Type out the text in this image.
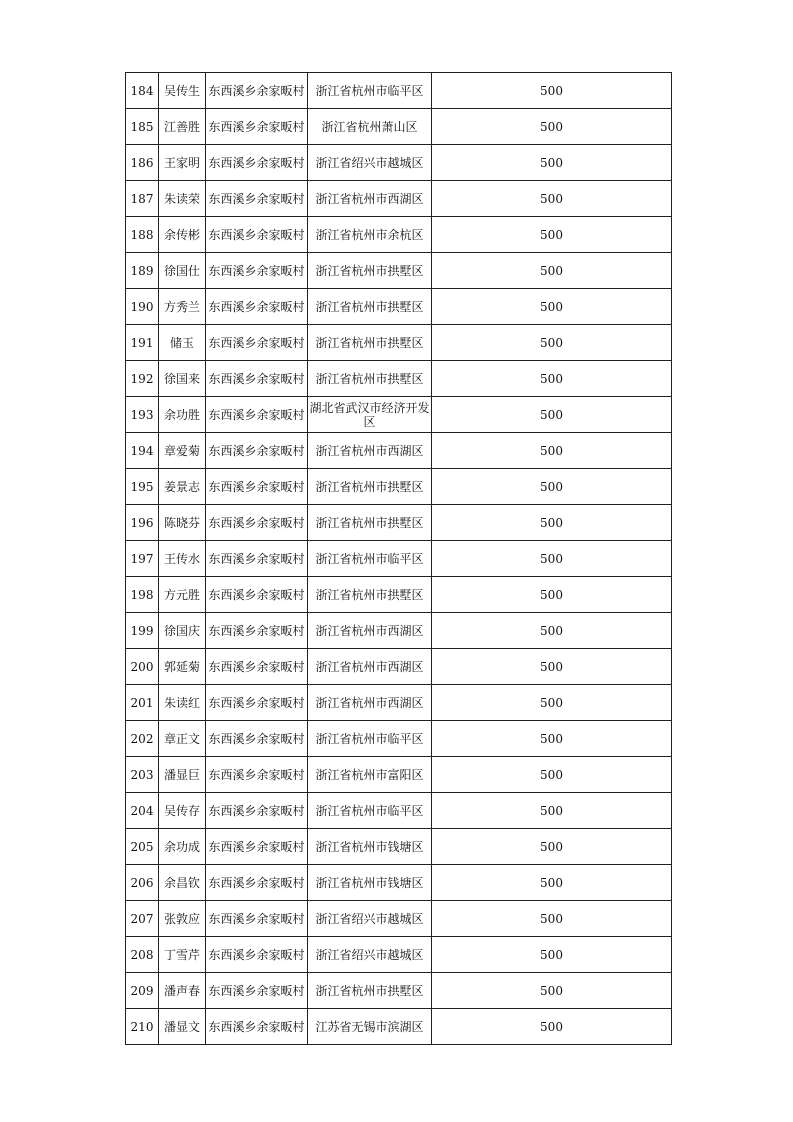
184	吴传生	东西溪乡余家畈村	浙江省杭州市临平区	500
185	江善胜	东西溪乡余家畈村	浙江省杭州萧山区	500
186	王家明	东西溪乡余家畈村	浙江省绍兴市越城区	500
187	朱读荣	东西溪乡余家畈村	浙江省杭州市西湖区	500
188	余传彬	东西溪乡余家畈村	浙江省杭州市余杭区	500
189	徐国仕	东西溪乡余家畈村	浙江省杭州市拱墅区	500
190	方秀兰	东西溪乡余家畈村	浙江省杭州市拱墅区	500
191	储玉	东西溪乡余家畈村	浙江省杭州市拱墅区	500
192	徐国来	东西溪乡余家畈村	浙江省杭州市拱墅区	500
193	余功胜	东西溪乡余家畈村	湖北省武汉市经济开发区	500
194	章爱菊	东西溪乡余家畈村	浙江省杭州市西湖区	500
195	姜景志	东西溪乡余家畈村	浙江省杭州市拱墅区	500
196	陈晓芬	东西溪乡余家畈村	浙江省杭州市拱墅区	500
197	王传水	东西溪乡余家畈村	浙江省杭州市临平区	500
198	方元胜	东西溪乡余家畈村	浙江省杭州市拱墅区	500
199	徐国庆	东西溪乡余家畈村	浙江省杭州市西湖区	500
200	郭延菊	东西溪乡余家畈村	浙江省杭州市西湖区	500
201	朱读红	东西溪乡余家畈村	浙江省杭州市西湖区	500
202	章正文	东西溪乡余家畈村	浙江省杭州市临平区	500
203	潘显巨	东西溪乡余家畈村	浙江省杭州市富阳区	500
204	吴传存	东西溪乡余家畈村	浙江省杭州市临平区	500
205	余功成	东西溪乡余家畈村	浙江省杭州市钱塘区	500
206	余昌钦	东西溪乡余家畈村	浙江省杭州市钱塘区	500
207	张敦应	东西溪乡余家畈村	浙江省绍兴市越城区	500
208	丁雪芹	东西溪乡余家畈村	浙江省绍兴市越城区	500
209	潘声春	东西溪乡余家畈村	浙江省杭州市拱墅区	500
210	潘显文	东西溪乡余家畈村	江苏省无锡市滨湖区	500
